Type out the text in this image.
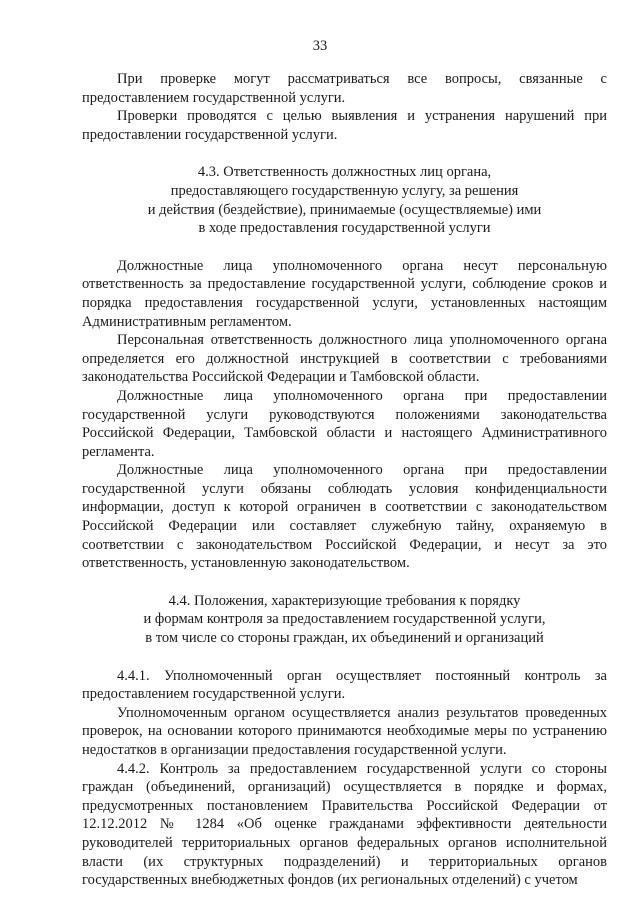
33

При проверке могут рассматриваться все вопросы, связанные с предоставлением государственной услуги.

Проверки проводятся с целью выявления и устранения нарушений при предоставлении государственной услуги.

4.3. Ответственность должностных лиц органа,

предоставляющего государственную услугу, за решения

и действия (бездействие), принимаемые (осуществляемые) ими

в ходе предоставления государственной услуги

Должностные лица уполномоченного органа несут персональную ответственность за предоставление государственной услуги, соблюдение сроков и порядка предоставления государственной услуги, установленных настоящим Административным регламентом.

Персональная ответственность должностного лица уполномоченного органа определяется его должностной инструкцией в соответствии с требованиями законодательства Российской Федерации и Тамбовской области.

Должностные лица уполномоченного органа при предоставлении государственной услуги руководствуются положениями законодательства Российской Федерации, Тамбовской области и настоящего Административного регламента.

Должностные лица уполномоченного органа при предоставлении государственной услуги обязаны соблюдать условия конфиденциальности информации, доступ к которой ограничен в соответствии с законодательством Российской Федерации или составляет служебную тайну, охраняемую в соответствии с законодательством Российской Федерации, и несут за это ответственность, установленную законодательством.

4.4. Положения, характеризующие требования к порядку

и формам контроля за предоставлением государственной услуги,

в том числе со стороны граждан, их объединений и организаций

4.4.1. Уполномоченный орган осуществляет постоянный контроль за предоставлением государственной услуги.

Уполномоченным органом осуществляется анализ результатов проведенных проверок, на основании которого принимаются необходимые меры по устранению недостатков в организации предоставления государственной услуги.

4.4.2. Контроль за предоставлением государственной услуги со стороны граждан (объединений, организаций) осуществляется в порядке и формах, предусмотренных постановлением Правительства Российской Федерации от 12.12.2012 № 1284 «Об оценке гражданами эффективности деятельности руководителей территориальных органов федеральных органов исполнительной власти (их структурных подразделений) и территориальных органов государственных внебюджетных фондов (их региональных отделений) с учетом
